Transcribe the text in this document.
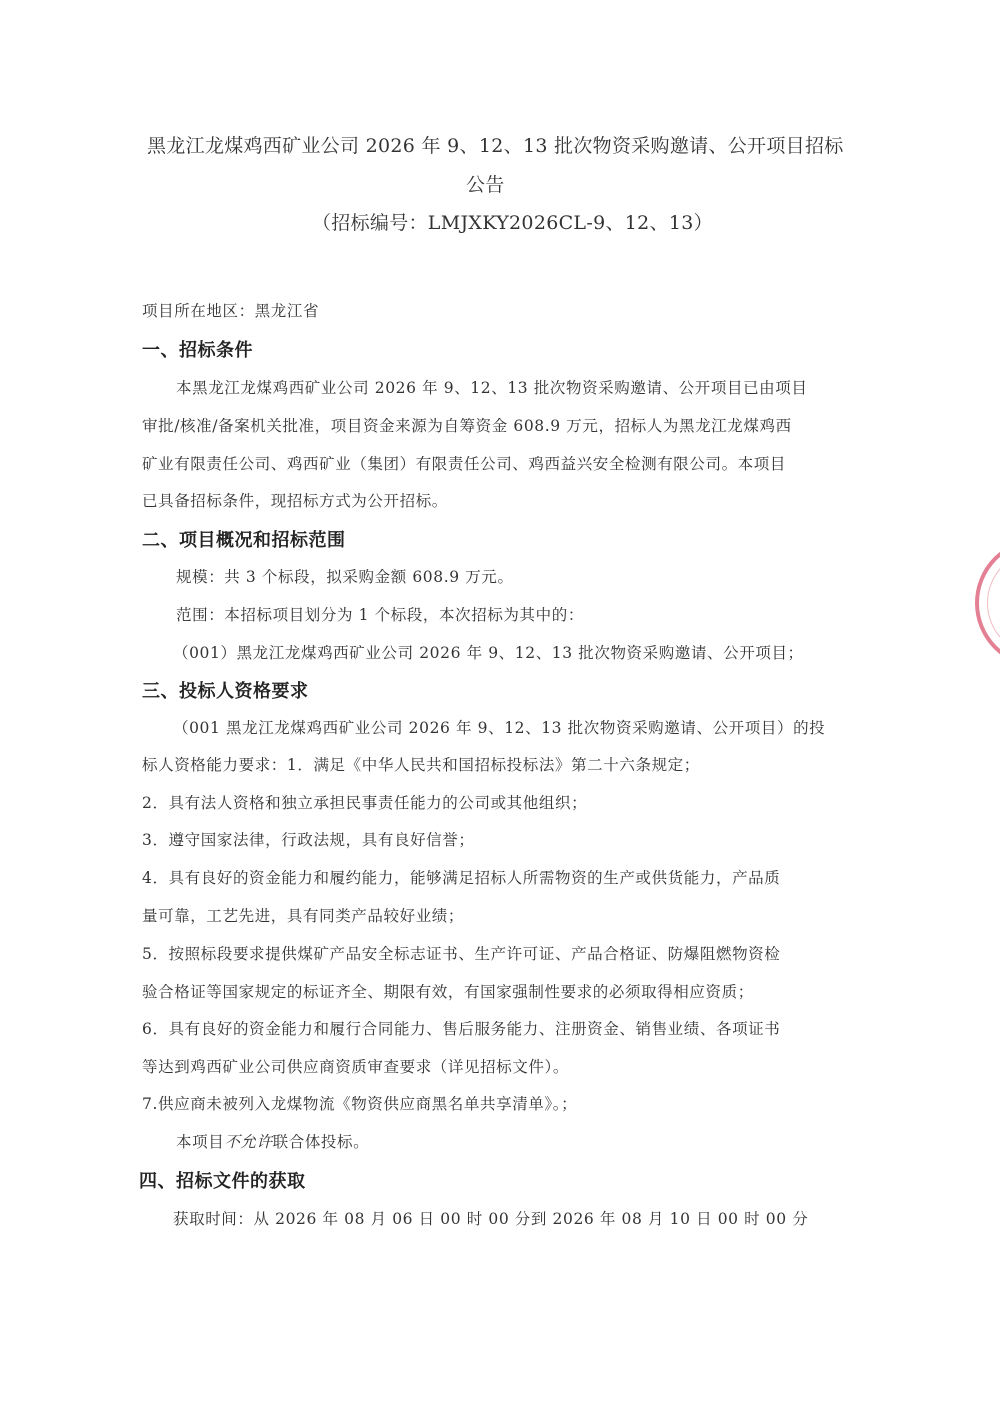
黑龙江龙煤鸡西矿业公司 2026 年 9、12、13 批次物资采购邀请、公开项目招标
公告
（招标编号：LMJXKY2026CL-9、12、13）
项目所在地区：黑龙江省
一、招标条件
本黑龙江龙煤鸡西矿业公司 2026 年 9、12、13 批次物资采购邀请、公开项目已由项目
审批/核准/备案机关批准，项目资金来源为自筹资金 608.9 万元，招标人为黑龙江龙煤鸡西
矿业有限责任公司、鸡西矿业（集团）有限责任公司、鸡西益兴安全检测有限公司。本项目
已具备招标条件，现招标方式为公开招标。
二、项目概况和招标范围
规模：共 3 个标段，拟采购金额 608.9 万元。
范围：本招标项目划分为 1 个标段，本次招标为其中的：
（001）黑龙江龙煤鸡西矿业公司 2026 年 9、12、13 批次物资采购邀请、公开项目；
三、投标人资格要求
（001 黑龙江龙煤鸡西矿业公司 2026 年 9、12、13 批次物资采购邀请、公开项目）的投
标人资格能力要求：1．满足《中华人民共和国招标投标法》第二十六条规定；
2．具有法人资格和独立承担民事责任能力的公司或其他组织；
3．遵守国家法律，行政法规，具有良好信誉；
4．具有良好的资金能力和履约能力，能够满足招标人所需物资的生产或供货能力，产品质
量可靠，工艺先进，具有同类产品较好业绩；
5．按照标段要求提供煤矿产品安全标志证书、生产许可证、产品合格证、防爆阻燃物资检
验合格证等国家规定的标证齐全、期限有效，有国家强制性要求的必须取得相应资质；
6．具有良好的资金能力和履行合同能力、售后服务能力、注册资金、销售业绩、各项证书
等达到鸡西矿业公司供应商资质审查要求（详见招标文件）。
7.供应商未被列入龙煤物流《物资供应商黑名单共享清单》。；
本项目不允许联合体投标。
四、招标文件的获取
获取时间：从 2026 年 08 月 06 日 00 时 00 分到 2026 年 08 月 10 日 00 时 00 分
